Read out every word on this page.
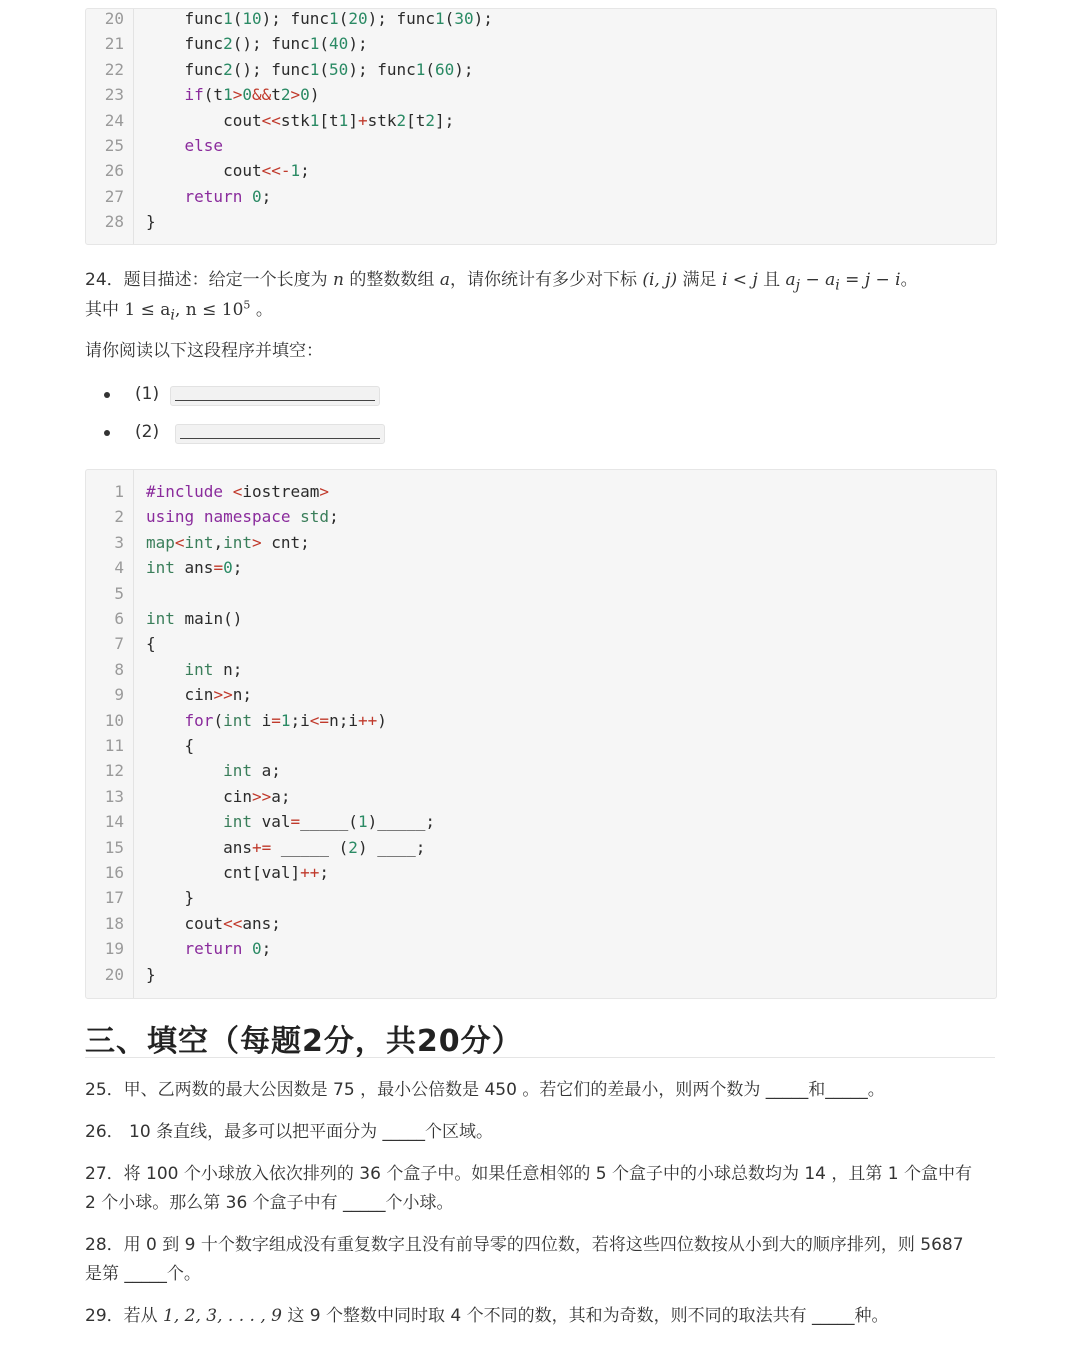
20 func1(10); func1(20); func1(30);
21 func2(); func1(40);
22 func2(); func1(50); func1(60);
23	if(t1>0&&t2>0)
24 cout<<stk1[t1]+stk2[t2];
25	else
26 cout<<-1;
27	return 0;
28 }
24．题目描述：给定一个长度为 n 的整数数组 a，请你统计有多少对下标 (i, j) 满足 i < j 且 $a_j - a_i = j - i$。
其中 $1 \le a_i$, $n \le 10^5$ 。
请你阅读以下这段程序并填空：
(1)
(2)
1 #include <iostream>
2 using namespace std;
3 map<int,int> cnt;
4 int ans=0;
5
6 int main()
7 {
8	int n;
9 cin>>n;
10	for(int i=1;i<=n;i++)
11 {
12	int a;
13 cin>>a;
14	int val=_____(1)_____;
15 ans+= _____ (2) ____;
16 cnt[val]++;
17 }
18 cout<<ans;
19	return 0;
20 }
三、填空（每题2分，共20分）
25．甲、乙两数的最大公因数是 75 ，最小公倍数是 450 。若它们的差最小，则两个数为 _____和_____。
26． 10 条直线，最多可以把平面分为 _____个区域。
27．将 100 个小球放入依次排列的 36 个盒子中。如果任意相邻的 5 个盒子中的小球总数均为 14 ，且第 1 个盒中有
2 个小球。那么第 36 个盒子中有 _____个小球。
28．用 0 到 9 十个数字组成没有重复数字且没有前导零的四位数，若将这些四位数按从小到大的顺序排列，则 5687
是第 _____个。
29．若从 1, 2, 3, . . . , 9 这 9 个整数中同时取 4 个不同的数，其和为奇数，则不同的取法共有 _____种。
